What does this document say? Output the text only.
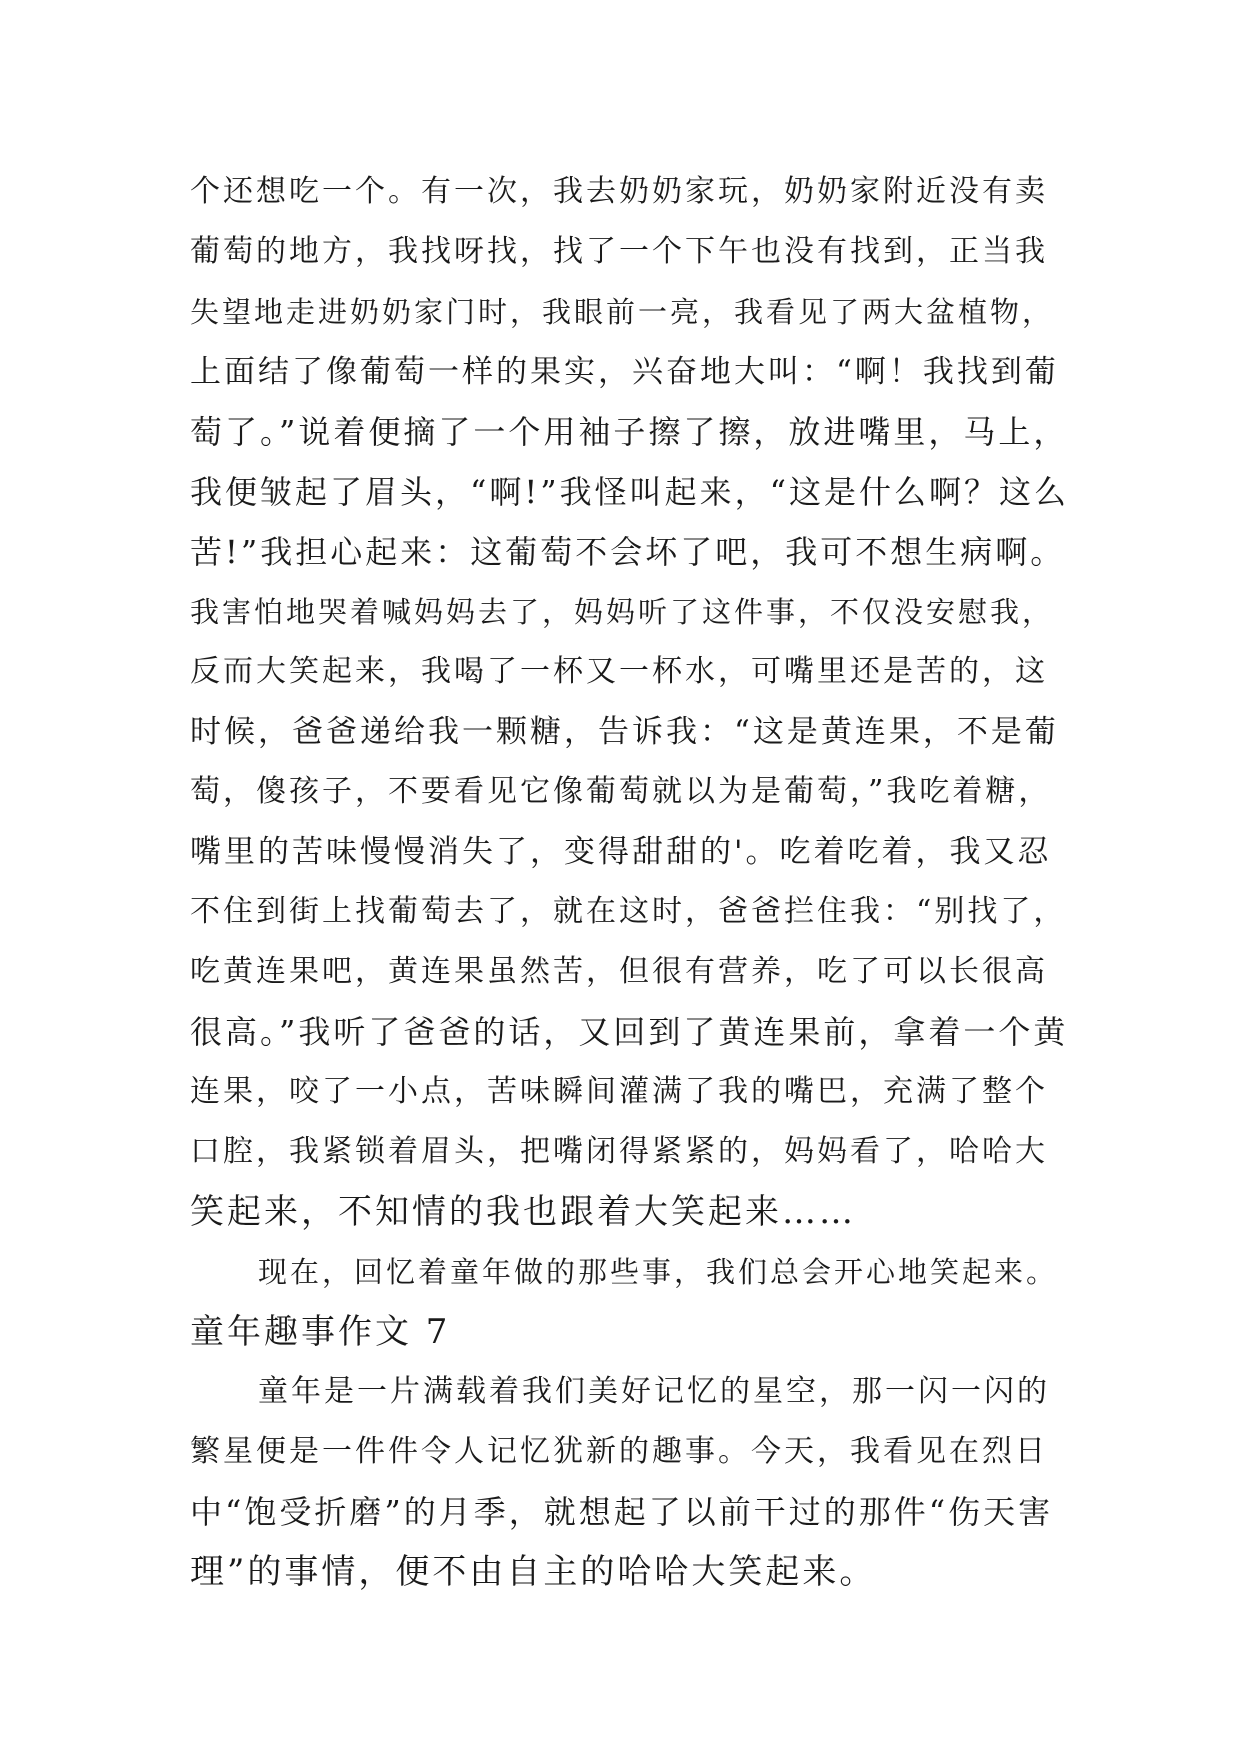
个还想吃一个。有一次，我去奶奶家玩，奶奶家附近没有卖
葡萄的地方，我找呀找，找了一个下午也没有找到，正当我
失望地走进奶奶家门时，我眼前一亮，我看见了两大盆植物，
上面结了像葡萄一样的果实，兴奋地大叫：“啊！我找到葡
萄了。”说着便摘了一个用袖子擦了擦，放进嘴里，马上，
我便皱起了眉头，“啊!”我怪叫起来，“这是什么啊？这么
苦!”我担心起来：这葡萄不会坏了吧，我可不想生病啊。
我害怕地哭着喊妈妈去了，妈妈听了这件事，不仅没安慰我，
反而大笑起来，我喝了一杯又一杯水，可嘴里还是苦的，这
时候，爸爸递给我一颗糖，告诉我：“这是黄连果，不是葡
萄，傻孩子，不要看见它像葡萄就以为是葡萄，”我吃着糖，
嘴里的苦味慢慢消失了，变得甜甜的'。吃着吃着，我又忍
不住到街上找葡萄去了，就在这时，爸爸拦住我：“别找了，
吃黄连果吧，黄连果虽然苦，但很有营养，吃了可以长很高
很高。”我听了爸爸的话，又回到了黄连果前，拿着一个黄
连果，咬了一小点，苦味瞬间灌满了我的嘴巴，充满了整个
口腔，我紧锁着眉头，把嘴闭得紧紧的，妈妈看了，哈哈大
笑起来，不知情的我也跟着大笑起来……
现在，回忆着童年做的那些事，我们总会开心地笑起来。
童年趣事作文 7
童年是一片满载着我们美好记忆的星空，那一闪一闪的
繁星便是一件件令人记忆犹新的趣事。今天，我看见在烈日
中“饱受折磨”的月季，就想起了以前干过的那件“伤天害
理”的事情，便不由自主的哈哈大笑起来。
